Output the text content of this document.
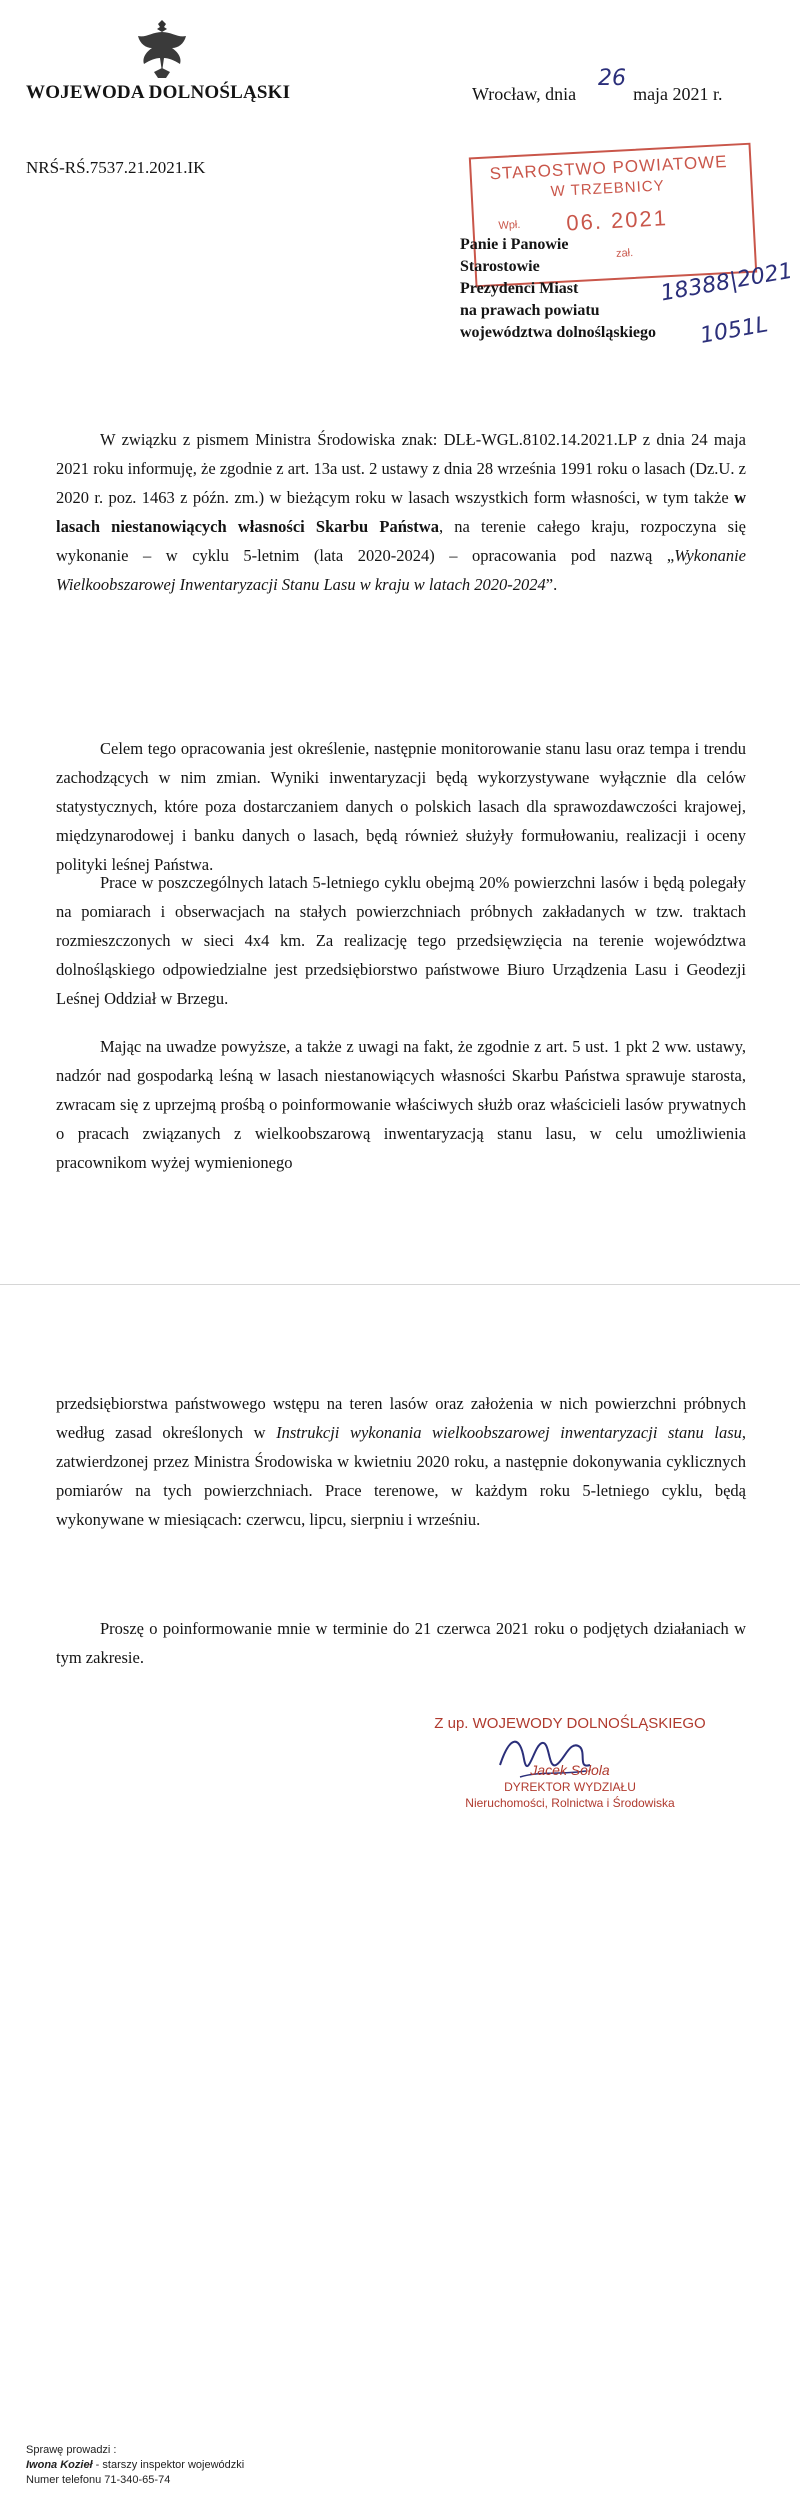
WOJEWODA DOLNOŚLĄSKI	Wrocław, dnia	maja 2021 r.
26
NRŚ-RŚ.7537.21.2021.IK	STAROSTWO POWIATOWE
W TRZEBNICY
Wpł. 06. 2021
zał.
Panie i Panowie
Starostowie
Prezydenci Miast
na prawach powiatu
województwa dolnośląskiego
18388|2021
1051L
W związku z pismem Ministra Środowiska znak: DLŁ-WGL.8102.14.2021.LP z dnia 24 maja 2021 roku informuję, że zgodnie z art. 13a ust. 2 ustawy z dnia 28 września 1991 roku o lasach (Dz.U. z 2020 r. poz. 1463 z późn. zm.) w bieżącym roku w lasach wszystkich form własności, w tym także w lasach niestanowiących własności Skarbu Państwa, na terenie całego kraju, rozpoczyna się wykonanie – w cyklu 5-letnim (lata 2020-2024) – opracowania pod nazwą „Wykonanie Wielkoobszarowej Inwentaryzacji Stanu Lasu w kraju w latach 2020-2024”.
Celem tego opracowania jest określenie, następnie monitorowanie stanu lasu oraz tempa i trendu zachodzących w nim zmian. Wyniki inwentaryzacji będą wykorzystywane wyłącznie dla celów statystycznych, które poza dostarczaniem danych o polskich lasach dla sprawozdawczości krajowej, międzynarodowej i banku danych o lasach, będą również służyły formułowaniu, realizacji i oceny polityki leśnej Państwa.
Prace w poszczególnych latach 5-letniego cyklu obejmą 20% powierzchni lasów i będą polegały na pomiarach i obserwacjach na stałych powierzchniach próbnych zakładanych w tzw. traktach rozmieszczonych w sieci 4x4 km. Za realizację tego przedsięwzięcia na terenie województwa dolnośląskiego odpowiedzialne jest przedsiębiorstwo państwowe Biuro Urządzenia Lasu i Geodezji Leśnej Oddział w Brzegu.
Mając na uwadze powyższe, a także z uwagi na fakt, że zgodnie z art. 5 ust. 1 pkt 2 ww. ustawy, nadzór nad gospodarką leśną w lasach niestanowiących własności Skarbu Państwa sprawuje starosta, zwracam się z uprzejmą prośbą o poinformowanie właściwych służb oraz właścicieli lasów prywatnych o pracach związanych z wielkoobszarową inwentaryzacją stanu lasu, w celu umożliwienia pracownikom wyżej wymienionego
przedsiębiorstwa państwowego wstępu na teren lasów oraz założenia w nich powierzchni próbnych według zasad określonych w Instrukcji wykonania wielkoobszarowej inwentaryzacji stanu lasu, zatwierdzonej przez Ministra Środowiska w kwietniu 2020 roku, a następnie dokonywania cyklicznych pomiarów na tych powierzchniach. Prace terenowe, w każdym roku 5-letniego cyklu, będą wykonywane w miesiącach: czerwcu, lipcu, sierpniu i wrześniu.
Proszę o poinformowanie mnie w terminie do 21 czerwca 2021 roku o podjętych działaniach w tym zakresie.
Z up. WOJEWODY DOLNOŚLĄSKIEGO
Jacek Sołola
DYREKTOR WYDZIAŁU
Nieruchomości, Rolnictwa i Środowiska
Sprawę prowadzi :
Iwona Kozieł - starszy inspektor wojewódzki
Numer telefonu 71-340-65-74
